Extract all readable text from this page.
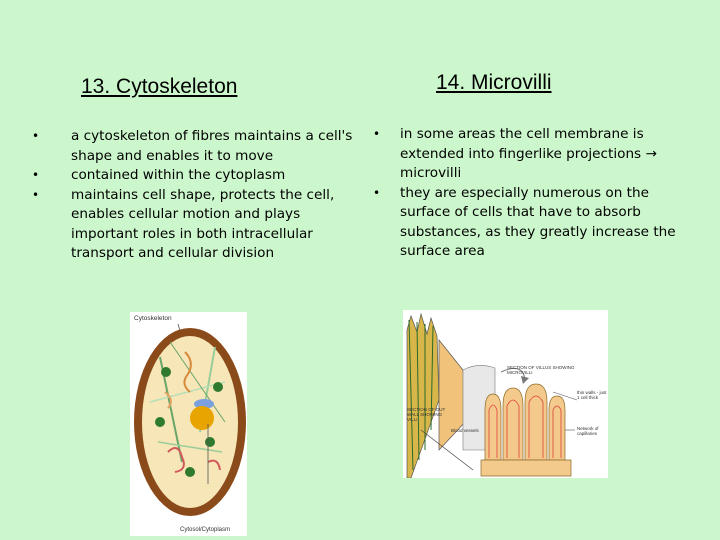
13. Cytoskeleton	14. Microvilli
• a cytoskeleton of fibres maintains a cell's shape and enables it to move
• contained within the cytoplasm
• maintains cell shape, protects the cell, enables cellular motion and plays important roles in both intracellular transport and cellular division
• in some areas the cell membrane is extended into fingerlike projections → microvilli
• they are especially numerous on the surface of cells that have to absorb substances, as they greatly increase the surface area
Cytoskeleton
Cytosol/Cytoplasm
SECTION OF VILLUS SHOWING MICROVILLI
SECTION OF GUT WALL SHOWING VILLI
Blood vessels
thin walls - just 1 cell thick
Network of capillaries
